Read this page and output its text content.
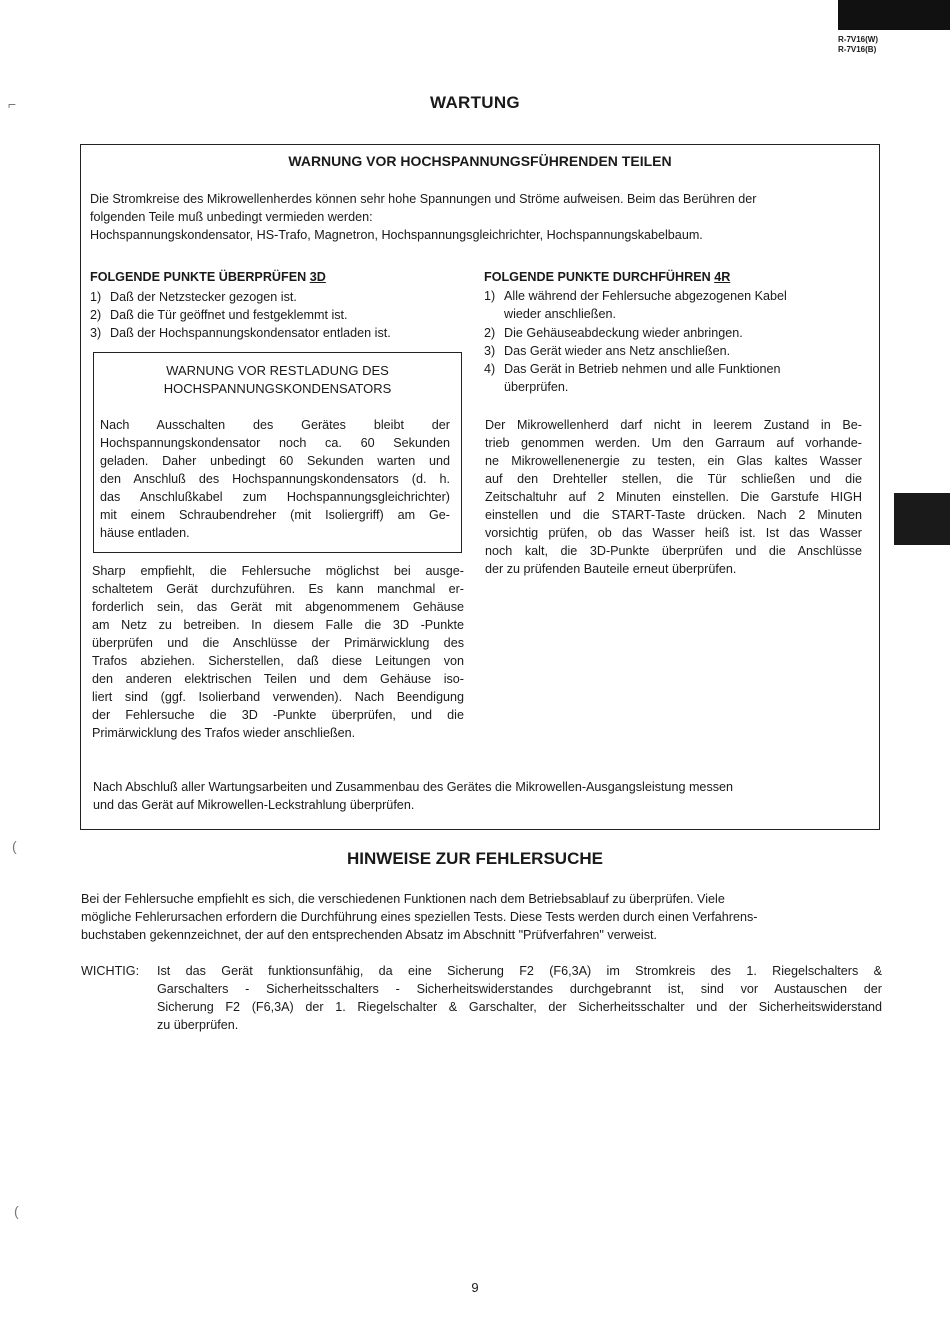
R-7V16(W)
R-7V16(B)
⌐
(
(
WARTUNG
WARNUNG VOR HOCHSPANNUNGSFÜHRENDEN TEILEN
Die Stromkreise des Mikrowellenherdes können sehr hohe Spannungen und Ströme aufweisen. Beim das Berühren der
folgenden Teile muß unbedingt vermieden werden:
Hochspannungskondensator, HS-Trafo, Magnetron, Hochspannungsgleichrichter, Hochspannungskabelbaum.
FOLGENDE PUNKTE ÜBERPRÜFEN 3D
1) Daß der Netzstecker gezogen ist.
2) Daß die Tür geöffnet und festgeklemmt ist.
3) Daß der Hochspannungskondensator entladen ist.
WARNUNG VOR RESTLADUNG DES
HOCHSPANNUNGSKONDENSATORS
Nach Ausschalten des Gerätes bleibt der
Hochspannungskondensator noch ca. 60 Sekunden
geladen. Daher unbedingt 60 Sekunden warten und
den Anschluß des Hochspannungskondensators (d. h.
das Anschlußkabel zum Hochspannungsgleichrichter)
mit einem Schraubendreher (mit Isoliergriff) am Ge-
häuse entladen.
Sharp empfiehlt, die Fehlersuche möglichst bei ausge-
schaltetem Gerät durchzuführen. Es kann manchmal er-
forderlich sein, das Gerät mit abgenommenem Gehäuse
am Netz zu betreiben. In diesem Falle die 3D -Punkte
überprüfen und die Anschlüsse der Primärwicklung des
Trafos abziehen. Sicherstellen, daß diese Leitungen von
den anderen elektrischen Teilen und dem Gehäuse iso-
liert sind (ggf. Isolierband verwenden). Nach Beendigung
der Fehlersuche die 3D -Punkte überprüfen, und die
Primärwicklung des Trafos wieder anschließen.
FOLGENDE PUNKTE DURCHFÜHREN 4R
1) Alle während der Fehlersuche abgezogenen Kabel
wieder anschließen.
2) Die Gehäuseabdeckung wieder anbringen.
3) Das Gerät wieder ans Netz anschließen.
4) Das Gerät in Betrieb nehmen und alle Funktionen
überprüfen.
Der Mikrowellenherd darf nicht in leerem Zustand in Be-
trieb genommen werden. Um den Garraum auf vorhande-
ne Mikrowellenenergie zu testen, ein Glas kaltes Wasser
auf den Drehteller stellen, die Tür schließen und die
Zeitschaltuhr auf 2 Minuten einstellen. Die Garstufe HIGH
einstellen und die START-Taste drücken. Nach 2 Minuten
vorsichtig prüfen, ob das Wasser heiß ist. Ist das Wasser
noch kalt, die 3D-Punkte überprüfen und die Anschlüsse
der zu prüfenden Bauteile erneut überprüfen.
Nach Abschluß aller Wartungsarbeiten und Zusammenbau des Gerätes die Mikrowellen-Ausgangsleistung messen
und das Gerät auf Mikrowellen-Leckstrahlung überprüfen.
HINWEISE ZUR FEHLERSUCHE
Bei der Fehlersuche empfiehlt es sich, die verschiedenen Funktionen nach dem Betriebsablauf zu überprüfen. Viele
mögliche Fehlerursachen erfordern die Durchführung eines speziellen Tests. Diese Tests werden durch einen Verfahrens-
buchstaben gekennzeichnet, der auf den entsprechenden Absatz im Abschnitt "Prüfverfahren" verweist.
WICHTIG: Ist das Gerät funktionsunfähig, da eine Sicherung F2 (F6,3A) im Stromkreis des 1. Riegelschalters &
Garschalters - Sicherheitsschalters - Sicherheitswiderstandes durchgebrannt ist, sind vor Austauschen der
Sicherung F2 (F6,3A) der 1. Riegelschalter & Garschalter, der Sicherheitsschalter und der Sicherheitswiderstand
zu überprüfen.
9
